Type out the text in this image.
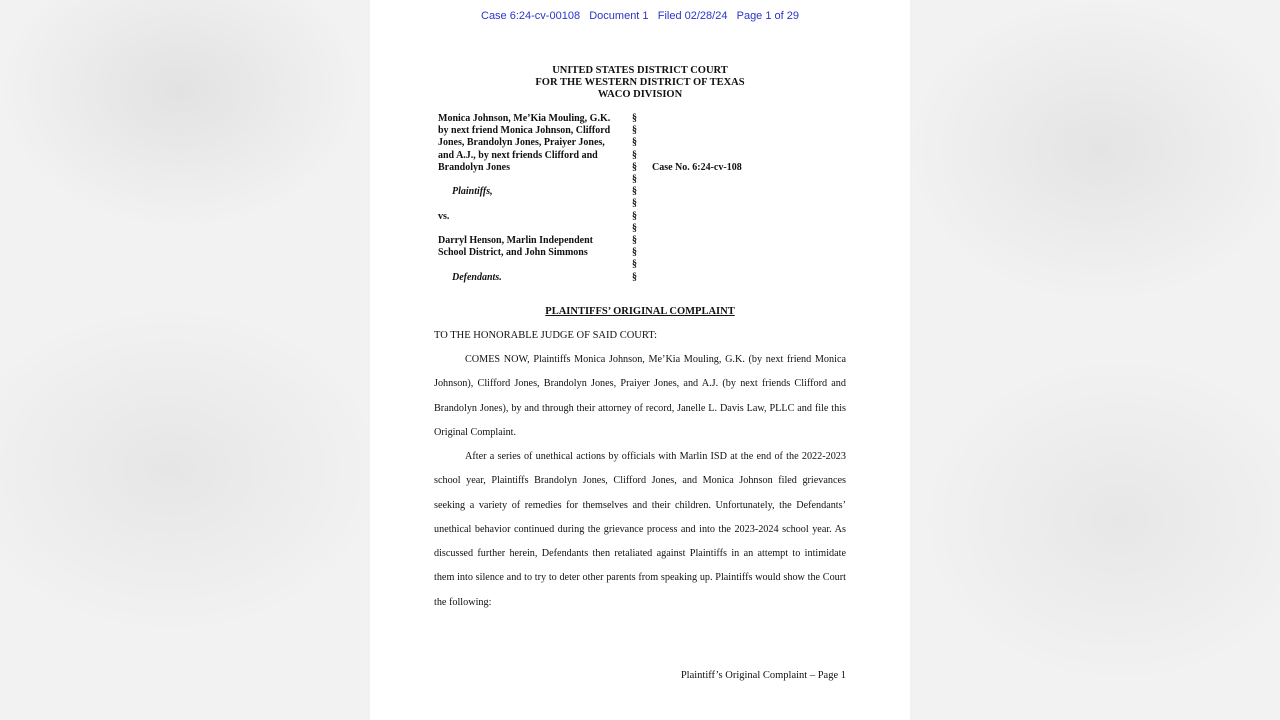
Case 6:24-cv-00108 Document 1 Filed 02/28/24 Page 1 of 29
UNITED STATES DISTRICT COURT
FOR THE WESTERN DISTRICT OF TEXAS
WACO DIVISION
Monica Johnson, Me’Kia Mouling, G.K.
by next friend Monica Johnson, Clifford
Jones, Brandolyn Jones, Praiyer Jones,
and A.J., by next friends Clifford and
Brandolyn Jones
Plaintiffs,
vs.
Darryl Henson, Marlin Independent
School District, and John Simmons
Defendants.
§
§
§
§
§
§
§
§
§
§
§
§
§
§
Case No. 6:24-cv-108
PLAINTIFFS’ ORIGINAL COMPLAINT
TO THE HONORABLE JUDGE OF SAID COURT:

COMES NOW, Plaintiffs Monica Johnson, Me’Kia Mouling, G.K. (by next friend Monica Johnson), Clifford Jones, Brandolyn Jones, Praiyer Jones, and A.J. (by next friends Clifford and Brandolyn Jones), by and through their attorney of record, Janelle L. Davis Law, PLLC and file this Original Complaint.

After a series of unethical actions by officials with Marlin ISD at the end of the 2022-2023 school year, Plaintiffs Brandolyn Jones, Clifford Jones, and Monica Johnson filed grievances seeking a variety of remedies for themselves and their children. Unfortunately, the Defendants’ unethical behavior continued during the grievance process and into the 2023-2024 school year. As discussed further herein, Defendants then retaliated against Plaintiffs in an attempt to intimidate them into silence and to try to deter other parents from speaking up. Plaintiffs would show the Court the following:

Plaintiff’s Original Complaint – Page 1
